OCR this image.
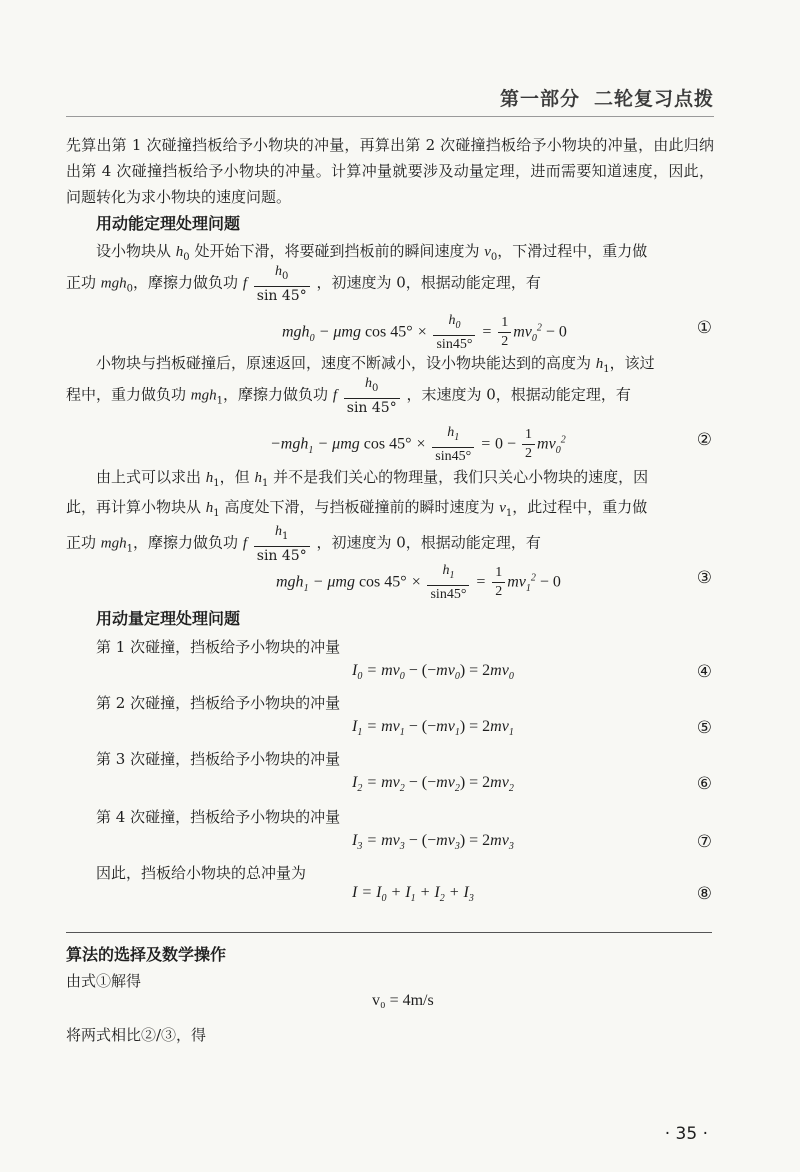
第一部分 二轮复习点拨
先算出第 1 次碰撞挡板给予小物块的冲量，再算出第 2 次碰撞挡板给予小物块的冲量，由此归纳出第 4 次碰撞挡板给予小物块的冲量。计算冲量就要涉及动量定理，进而需要知道速度，因此，问题转化为求小物块的速度问题。
用动能定理处理问题
设小物块从 $h_0$ 处开始下滑，将要碰到挡板前的瞬间速度为 $v_0$，下滑过程中，重力做
正功 mgh$_0$，摩擦力做负功 f $\frac{h_0}{\sin 45^\circ}$ ，初速度为 0，根据动能定理，有
mgh$_0$ − μmg $\cos 45^\circ \times \frac{h_0}{\sin 45^\circ} = \frac{1}{2} mv_0^2 - 0$	①
小物块与挡板碰撞后，原速返回，速度不断减小，设小物块能达到的高度为 $h_1$，该过
程中，重力做负功 mgh$_1$，摩擦力做负功 f $\frac{h_0}{\sin 45^\circ}$ ，末速度为 0，根据动能定理，有
−mgh$_1$ − μmg $\cos 45^\circ \times \frac{h_1}{\sin 45^\circ} = 0 - \frac{1}{2} mv_0^2$	②
由上式可以求出 $h_1$，但 $h_1$ 并不是我们关心的物理量，我们只关心小物块的速度，因
此，再计算小物块从 $h_1$ 高度处下滑，与挡板碰撞前的瞬时速度为 $v_1$，此过程中，重力做
正功 mgh$_1$，摩擦力做负功 f $\frac{h_1}{\sin 45^\circ}$ ，初速度为 0，根据动能定理，有
mgh$_1$ − μmg $\cos 45^\circ \times \frac{h_1}{\sin 45^\circ} = \frac{1}{2} mv_1^2 - 0$	③
用动量定理处理问题
第 1 次碰撞，挡板给予小物块的冲量
$I_0 = mv_0 - (-mv_0) = 2mv_0$	④
第 2 次碰撞，挡板给予小物块的冲量
$I_1 = mv_1 - (-mv_1) = 2mv_1$	⑤
第 3 次碰撞，挡板给予小物块的冲量
$I_2 = mv_2 - (-mv_2) = 2mv_2$	⑥
第 4 次碰撞，挡板给予小物块的冲量
$I_3 = mv_3 - (-mv_3) = 2mv_3$	⑦
因此，挡板给小物块的总冲量为
$I = I_0 + I_1 + I_2 + I_3$	⑧
算法的选择及数学操作
由式①解得
v₀ = 4m/s
将两式相比②/③，得
· 35 ·
